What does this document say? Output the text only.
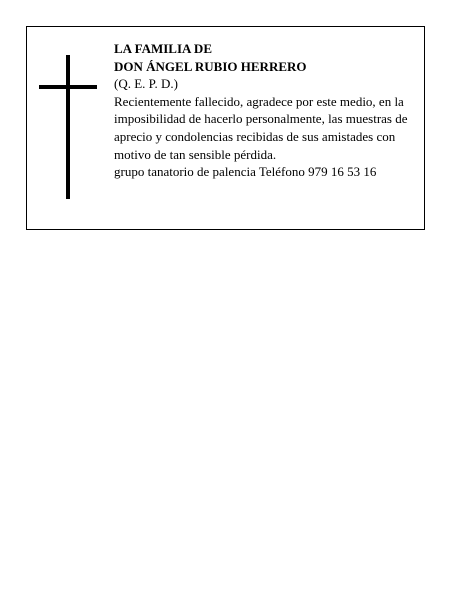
LA FAMILIA DE
DON ÁNGEL RUBIO HERRERO
(Q. E. P. D.)
Recientemente fallecido, agradece por este medio, en la imposibilidad de hacerlo personalmente, las muestras de aprecio y condolencias recibidas de sus amistades con motivo de tan sensible pérdida.
grupo tanatorio de palencia Teléfono 979 16 53 16
